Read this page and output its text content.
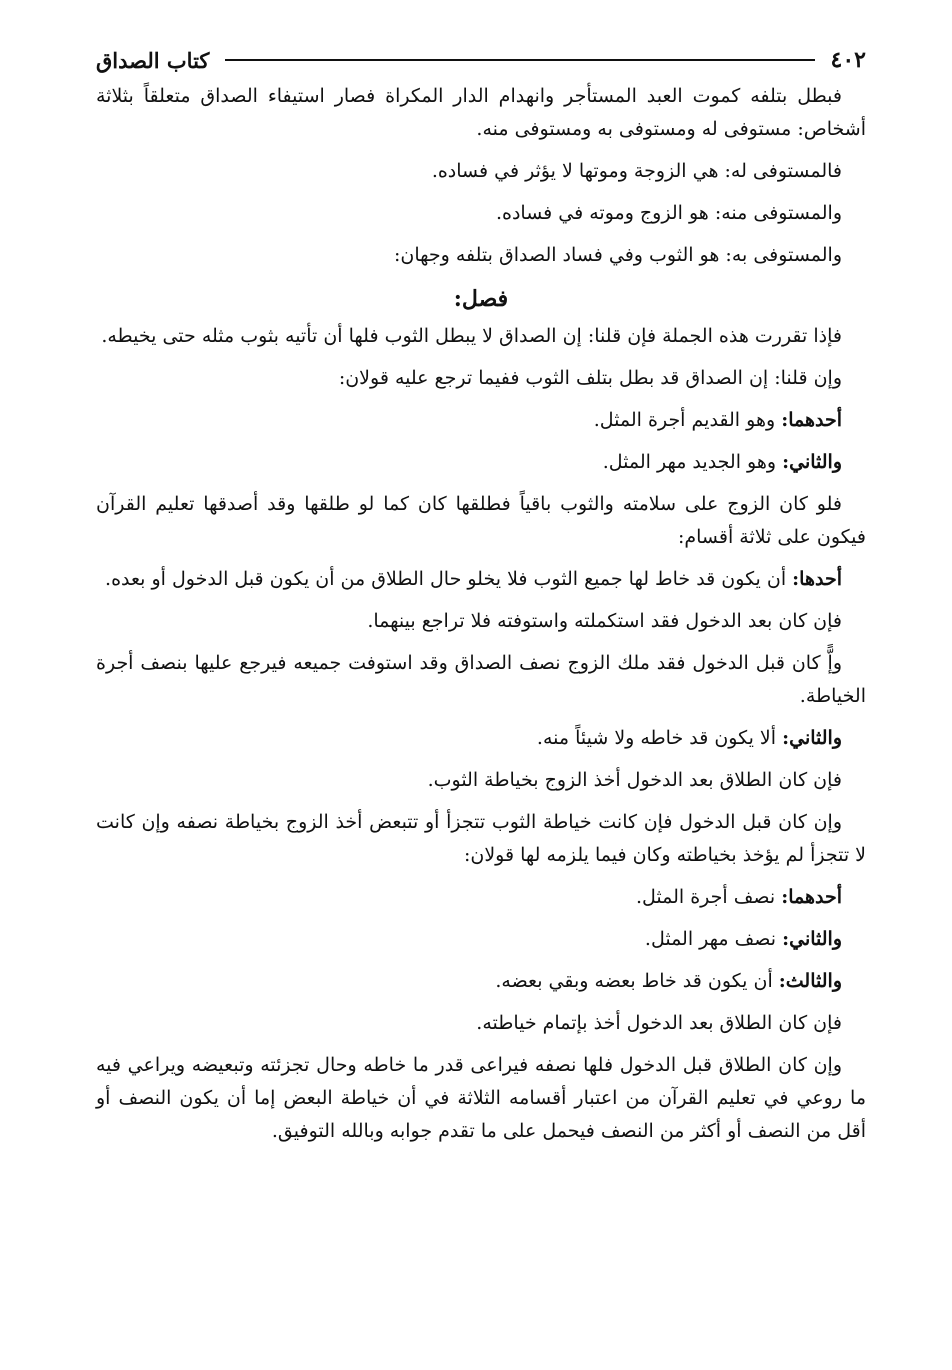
٤٠٢
كتاب الصداق

فبطل بتلفه كموت العبد المستأجر وانهدام الدار المكراة فصار استيفاء الصداق متعلقاً بثلاثة أشخاص: مستوفى له ومستوفى به ومستوفى منه.

فالمستوفى له: هي الزوجة وموتها لا يؤثر في فساده.

والمستوفى منه: هو الزوج وموته في فساده.

والمستوفى به: هو الثوب وفي فساد الصداق بتلفه وجهان:

فصل:

فإذا تقررت هذه الجملة فإن قلنا: إن الصداق لا يبطل الثوب فلها أن تأتيه بثوب مثله حتى يخيطه.

وإن قلنا: إن الصداق قد بطل بتلف الثوب ففيما ترجع عليه قولان:

أحدهما: وهو القديم أجرة المثل.

والثاني: وهو الجديد مهر المثل.

فلو كان الزوج على سلامته والثوب باقياً فطلقها كان كما لو طلقها وقد أصدقها تعليم القرآن فيكون على ثلاثة أقسام:

أحدها: أن يكون قد خاط لها جميع الثوب فلا يخلو حال الطلاق من أن يكون قبل الدخول أو بعده.

فإن كان بعد الدخول فقد استكملته واستوفته فلا تراجع بينهما.

وإًّ كان قبل الدخول فقد ملك الزوج نصف الصداق وقد استوفت جميعه فيرجع عليها بنصف أجرة الخياطة.

والثاني: ألا يكون قد خاطه ولا شيئاً منه.

فإن كان الطلاق بعد الدخول أخذ الزوج بخياطة الثوب.

وإن كان قبل الدخول فإن كانت خياطة الثوب تتجزأ أو تتبعض أخذ الزوج بخياطة نصفه وإن كانت لا تتجزأ لم يؤخذ بخياطته وكان فيما يلزمه لها قولان:

أحدهما: نصف أجرة المثل.

والثاني: نصف مهر المثل.

والثالث: أن يكون قد خاط بعضه وبقي بعضه.

فإن كان الطلاق بعد الدخول أخذ بإتمام خياطته.

وإن كان الطلاق قبل الدخول فلها نصفه فيراعى قدر ما خاطه وحال تجزئته وتبعيضه ويراعي فيه ما روعي في تعليم القرآن من اعتبار أقسامه الثلاثة في أن خياطة البعض إما أن يكون النصف أو أقل من النصف أو أكثر من النصف فيحمل على ما تقدم جوابه وبالله التوفيق.
